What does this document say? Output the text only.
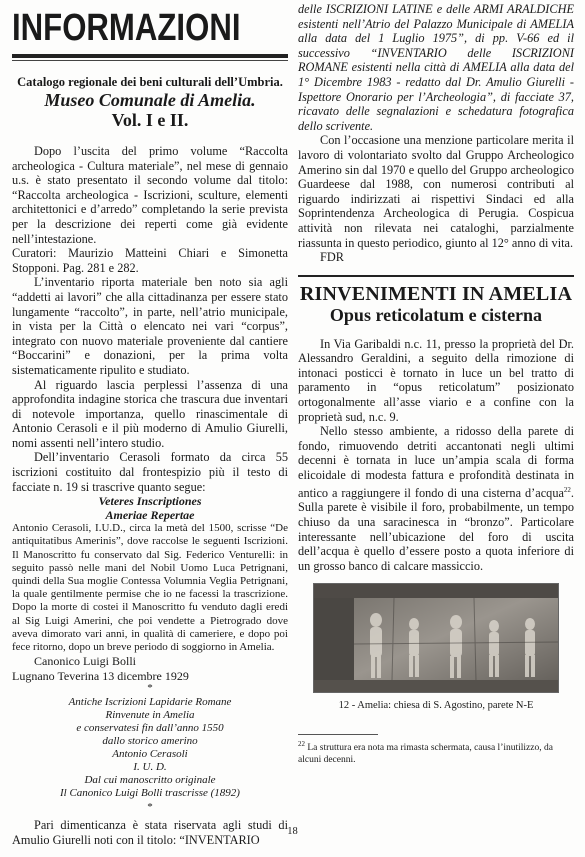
INFORMAZIONI
Catalogo regionale dei beni culturali dell’Umbria.
Museo Comunale di Amelia.
Vol. I e II.

Dopo l’uscita del primo volume “Raccolta archeologica - Cultura materiale”, nel mese di gennaio u.s. è stato presentato il secondo volume dal titolo: “Raccolta archeologica - Iscrizioni, sculture, elementi architettonici e d’arredo” completando la serie prevista per la descrizione dei reperti come già evidente nell’intestazione.

Curatori: Maurizio Matteini Chiari e Simonetta Stopponi. Pag. 281 e 282.

L’inventario riporta materiale ben noto sia agli “addetti ai lavori” che alla cittadinanza per essere stato lungamente “raccolto”, in parte, nell’atrio municipale, in vista per la Città o elencato nei vari “corpus”, integrato con nuovo materiale proveniente dal cantiere “Boccarini” e donazioni, per la prima volta sistematicamente ripulito e studiato.

Al riguardo lascia perplessi l’assenza di una approfondita indagine storica che trascura due inventari di notevole importanza, quello rinascimentale di Antonio Cerasoli e il più moderno di Amulio Giurelli, nomi assenti nell’intero studio.

Dell’inventario Cerasoli formato da circa 55 iscrizioni costituito dal frontespizio più il testo di facciate n. 19 si trascrive quanto segue:

Veteres Inscriptiones
Ameriae Repertae

Antonio Cerasoli, I.U.D., circa la metà del 1500, scrisse “De antiquitatibus Amerinis”, dove raccolse le seguenti Iscrizioni. Il Manoscritto fu conservato dal Sig. Federico Venturelli: in seguito passò nelle mani del Nobil Uomo Luca Petrignani, quindi della Sua moglie Contessa Volumnia Veglia Petrignani, la quale gentilmente permise che io ne facessi la trascrizione. Dopo la morte di costei il Manoscritto fu venduto dagli eredi al Sig Luigi Amerini, che poi vendette a Pietrogrado dove aveva dimorato vari anni, in qualità di cameriere, e dopo poi fece ritorno, dopo un breve periodo di soggiorno in Amelia.

Canonico Luigi Bolli

Lugnano Teverina 13 dicembre 1929

*
Antiche Iscrizioni Lapidarie Romane
Rinvenute in Amelia
e conservatesi fin dall’anno 1550
dallo storico amerino
Antonio Cerasoli
I. U. D.
Dal cui manoscritto originale
Il Canonico Luigi Bolli trascrisse (1892)
*

Pari dimenticanza è stata riservata agli studi di Amulio Giurelli noti con il titolo: “INVENTARIO

delle ISCRIZIONI LATINE e delle ARMI ARALDICHE esistenti nell’Atrio del Palazzo Municipale di AMELIA alla data del 1 Luglio 1975”, di pp. V-66 ed il successivo “INVENTARIO delle ISCRIZIONI ROMANE esistenti nella città di AMELIA alla data del 1° Dicembre 1983 - redatto dal Dr. Amulio Giurelli - Ispettore Onorario per l’Archeologia”, di facciate 37, ricavato delle segnalazioni e schedatura fotografica dello scrivente.

Con l’occasione una menzione particolare merita il lavoro di volontariato svolto dal Gruppo Archeologico Amerino sin dal 1970 e quello del Gruppo archeologico Guardeese dal 1988, con numerosi contributi al riguardo indirizzati ai rispettivi Sindaci ed alla Soprintendenza Archeologica di Perugia. Cospicua attività non rilevata nei cataloghi, parzialmente riassunta in questo periodico, giunto al 12° anno di vita.

FDR

RINVENIMENTI IN AMELIA
Opus reticolatum e cisterna

In Via Garibaldi n.c. 11, presso la proprietà del Dr. Alessandro Geraldini, a seguito della rimozione di intonaci posticci è tornato in luce un bel tratto di paramento in “opus reticolatum” posizionato ortogonalmente all’asse viario e a confine con la proprietà sud, n.c. 9.

Nello stesso ambiente, a ridosso della parete di fondo, rimuovendo detriti accantonati negli ultimi decenni è tornata in luce un’ampia scala di forma elicoidale di modesta fattura e profondità destinata in antico a raggiungere il fondo di una cisterna d’acqua$^{22}$. Sulla parete è visibile il foro, probabilmente, un tempo chiuso da una saracinesca in “bronzo”. Particolare interessante nell’ubicazione del foro di uscita dell’acqua è quello d’essere posto a quota inferiore di un grosso banco di calcare massiccio.

12 - Amelia: chiesa di S. Agostino, parete N-E
$^{22}$ La struttura era nota ma rimasta schermata, causa l’inutilizzo, da alcuni decenni.
18
